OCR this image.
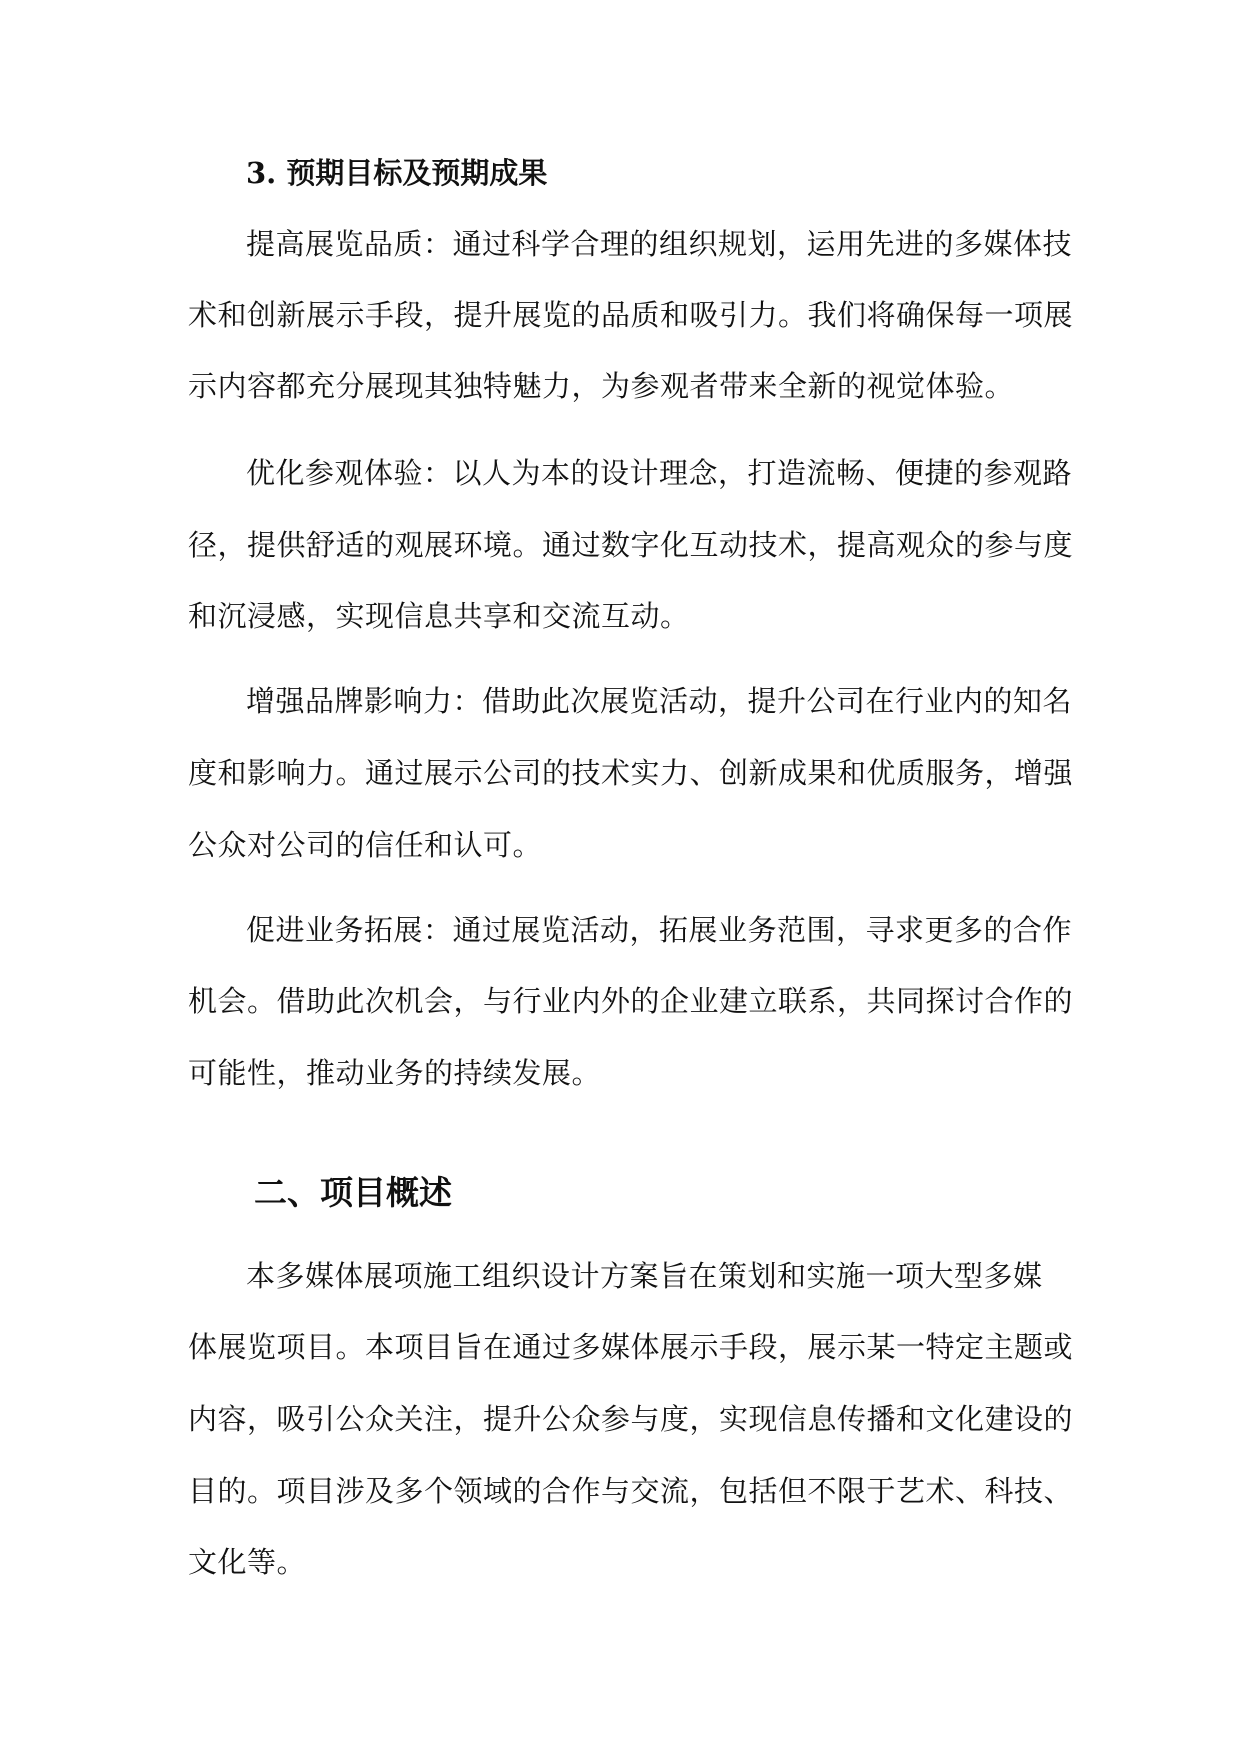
3. 预期目标及预期成果
提高展览品质：通过科学合理的组织规划，运用先进的多媒体技
术和创新展示手段，提升展览的品质和吸引力。我们将确保每一项展
示内容都充分展现其独特魅力，为参观者带来全新的视觉体验。
优化参观体验：以人为本的设计理念，打造流畅、便捷的参观路
径，提供舒适的观展环境。通过数字化互动技术，提高观众的参与度
和沉浸感，实现信息共享和交流互动。
增强品牌影响力：借助此次展览活动，提升公司在行业内的知名
度和影响力。通过展示公司的技术实力、创新成果和优质服务，增强
公众对公司的信任和认可。
促进业务拓展：通过展览活动，拓展业务范围，寻求更多的合作
机会。借助此次机会，与行业内外的企业建立联系，共同探讨合作的
可能性，推动业务的持续发展。
二、项目概述
本多媒体展项施工组织设计方案旨在策划和实施一项大型多媒
体展览项目。本项目旨在通过多媒体展示手段，展示某一特定主题或
内容，吸引公众关注，提升公众参与度，实现信息传播和文化建设的
目的。项目涉及多个领域的合作与交流，包括但不限于艺术、科技、
文化等。
